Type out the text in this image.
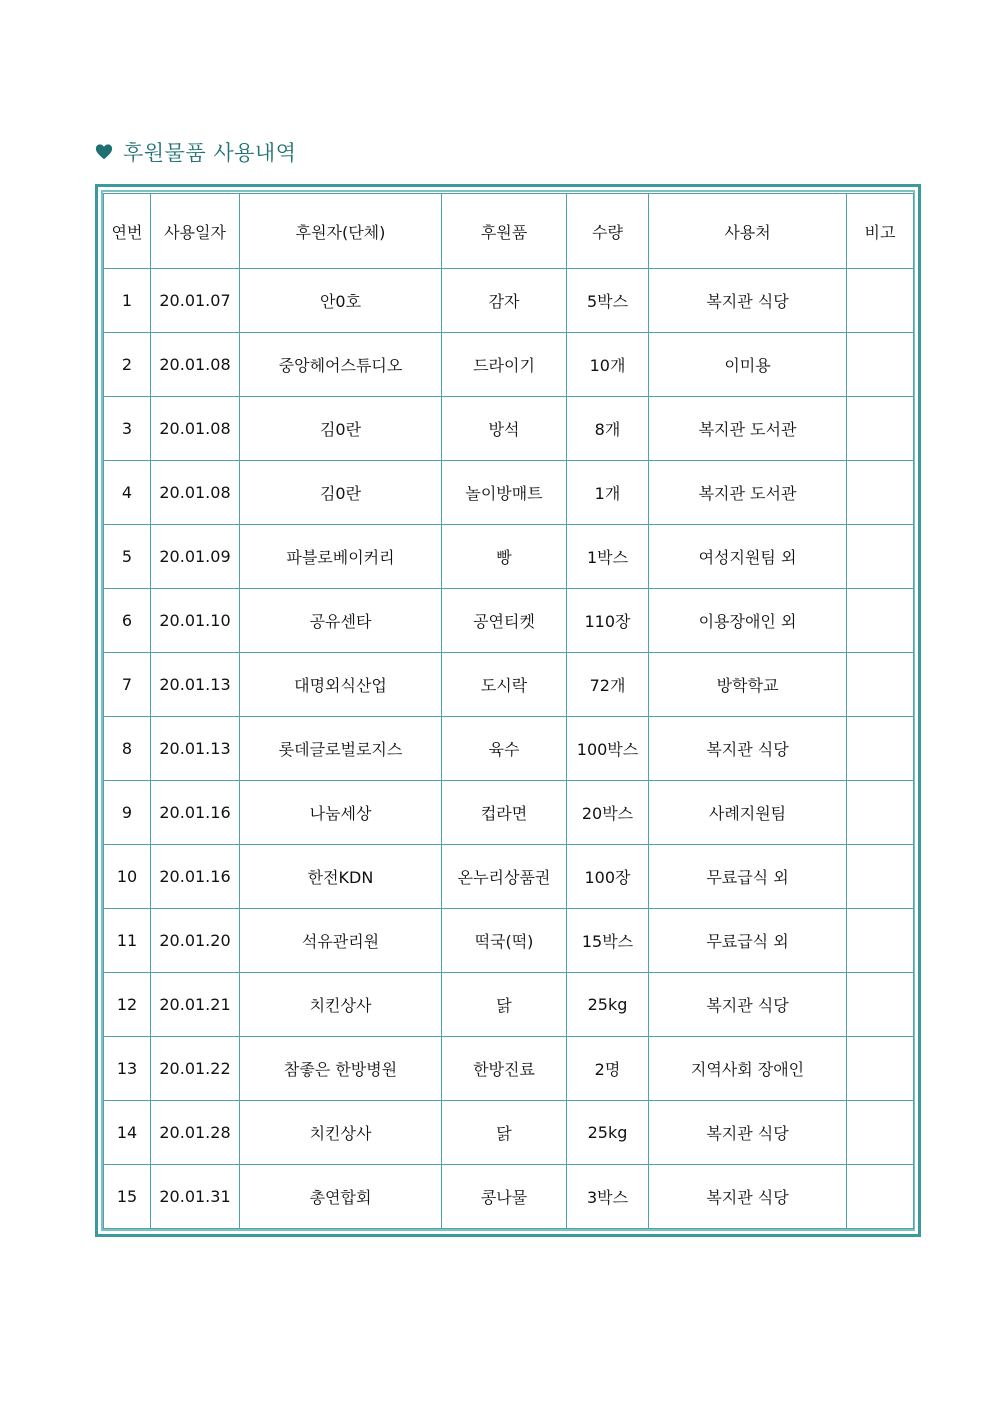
후원물품 사용내역
연번	사용일자	후원자(단체)	후원품	수량	사용처	비고
1	20.01.07	안0호	감자	5박스	복지관 식당	
2	20.01.08	중앙헤어스튜디오	드라이기	10개	이미용	
3	20.01.08	김0란	방석	8개	복지관 도서관	
4	20.01.08	김0란	놀이방매트	1개	복지관 도서관	
5	20.01.09	파블로베이커리	빵	1박스	여성지원팀 외	
6	20.01.10	공유센타	공연티켓	110장	이용장애인 외	
7	20.01.13	대명외식산업	도시락	72개	방학학교	
8	20.01.13	롯데글로벌로지스	육수	100박스	복지관 식당	
9	20.01.16	나눔세상	컵라면	20박스	사례지원팀	
10	20.01.16	한전KDN	온누리상품권	100장	무료급식 외	
11	20.01.20	석유관리원	떡국(떡)	15박스	무료급식 외	
12	20.01.21	치킨상사	닭	25kg	복지관 식당	
13	20.01.22	참좋은 한방병원	한방진료	2명	지역사회 장애인	
14	20.01.28	치킨상사	닭	25kg	복지관 식당	
15	20.01.31	총연합회	콩나물	3박스	복지관 식당	
